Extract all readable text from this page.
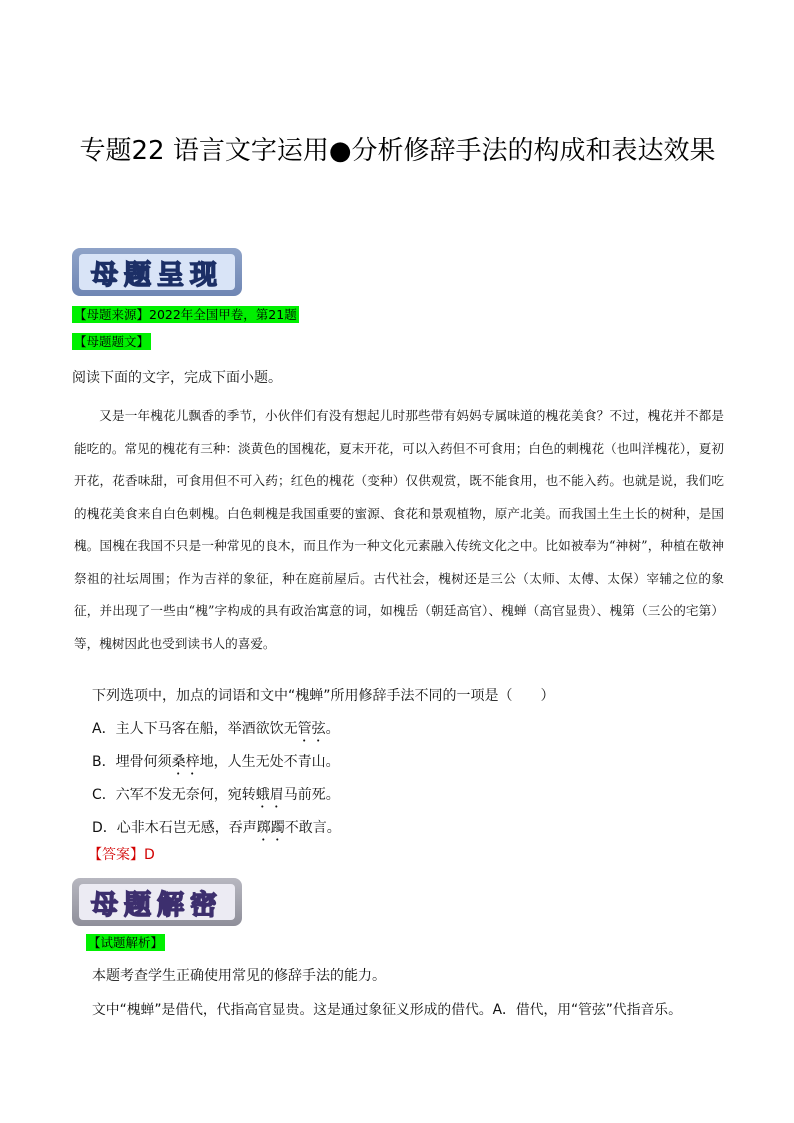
专题22 语言文字运用●分析修辞手法的构成和表达效果
母题呈现
【母题来源】2022年全国甲卷，第21题
【母题题文】
阅读下面的文字，完成下面小题。
又是一年槐花儿飘香的季节，小伙伴们有没有想起儿时那些带有妈妈专属味道的槐花美食？不过，槐花并不都是能吃的。常见的槐花有三种：淡黄色的国槐花，夏末开花，可以入药但不可食用；白色的刺槐花（也叫洋槐花），夏初开花，花香味甜，可食用但不可入药；红色的槐花（变种）仅供观赏，既不能食用，也不能入药。也就是说，我们吃的槐花美食来自白色刺槐。白色刺槐是我国重要的蜜源、食花和景观植物，原产北美。而我国土生土长的树种，是国槐。国槐在我国不只是一种常见的良木，而且作为一种文化元素融入传统文化之中。比如被奉为“神树”，种植在敬神祭祖的社坛周围；作为吉祥的象征，种在庭前屋后。古代社会，槐树还是三公（太师、太傅、太保）宰辅之位的象征，并出现了一些由“槐”字构成的具有政治寓意的词，如槐岳（朝廷高官）、槐蝉（高官显贵）、槐第（三公的宅第）等，槐树因此也受到读书人的喜爱。
下列选项中，加点的词语和文中“槐蝉”所用修辞手法不同的一项是（　　）
A．主人下马客在船，举酒欲饮无管弦。
B．埋骨何须桑梓地，人生无处不青山。
C．六军不发无奈何，宛转蛾眉马前死。
D．心非木石岂无感，吞声踯躅不敢言。
【答案】D
母题解密
【试题解析】
本题考查学生正确使用常见的修辞手法的能力。
文中“槐蝉”是借代，代指高官显贵。这是通过象征义形成的借代。A．借代，用“管弦”代指音乐。
